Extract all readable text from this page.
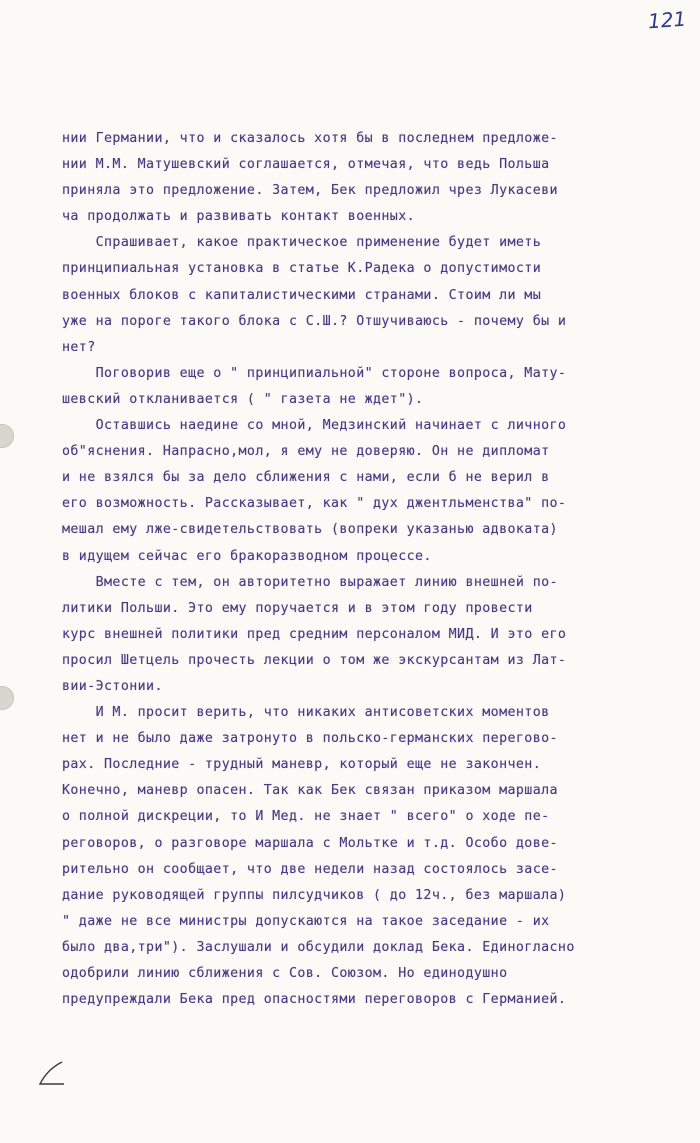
121
нии Германии, что и сказалось хотя бы в последнем предложе-
нии М.М. Матушевский соглашается, отмечая, что ведь Польша
приняла это предложение. Затем, Бек предложил чрез Лукасеви
ча продолжать и развивать контакт военных.
Спрашивает, какое практическое применение будет иметь
принципиальная установка в статье К.Радека о допустимости
военных блоков с капиталистическими странами. Стоим ли мы
уже на пороге такого блока с С.Ш.? Отшучиваюсь - почему бы и
нет?
Поговорив еще о " принципиальной" стороне вопроса, Матy-
шевский откланивается ( " газета не ждет").
Оставшись наедине со мной, Медзинский начинает с личного
об"яснения. Напрасно,мол, я ему не доверяю. Он не дипломат
и не взялся бы за дело сближения с нами, если б не верил в
его возможность. Рассказывает, как " дух джентльменства" по-
мешал ему лже-свидетельствовать (вопреки указанью адвоката)
в идущем сейчас его бракоразводном процессе.
Вместе с тем, он авторитетно выражает линию внешней по-
литики Польши. Это ему поручается и в этом году провести
курс внешней политики пред средним персоналом МИД. И это его
просил Шетцель прочесть лекции о том же экскурсантам из Лат-
вии-Эстонии.
И М. просит верить, что никаких антисоветских моментов
нет и не было даже затронуто в польско-германских перегово-
рах. Последние - трудный маневр, который еще не закончен.
Конечно, маневр опасен. Так как Бек связан приказом маршала
о полной дискреции, то И Мед. не знает " всего" о ходе пе-
реговоров, о разговоре маршала с Мольтке и т.д. Особо дове-
рительно он сообщает, что две недели назад состоялось засе-
дание руководящей группы пилсудчиков ( до 12ч., без маршала)
" даже не все министры допускаются на такое заседание - их
было два,три"). Заслушали и обсудили доклад Бека. Единогласно
одобрили линию сближения с Сов. Союзом. Но единодушно
предупреждали Бека пред опасностями переговоров с Германией.
